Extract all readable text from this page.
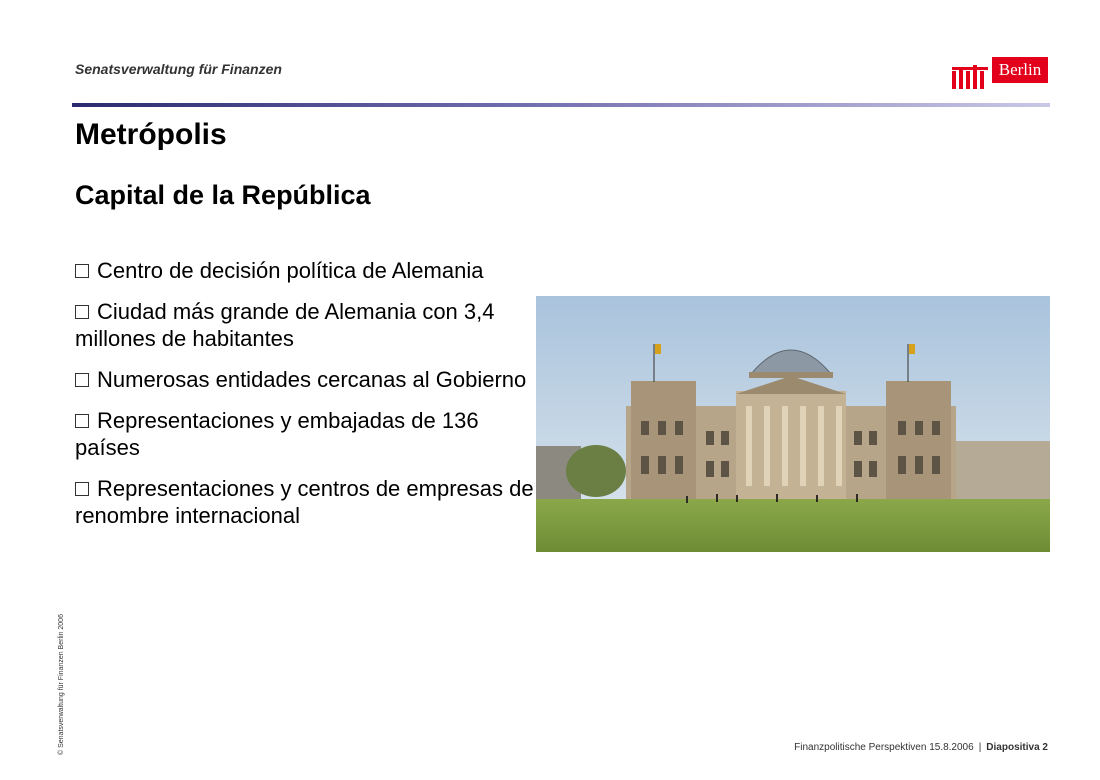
Senatsverwaltung für Finanzen	Berlin
Metrópolis
Capital de la República
Centro de decisión política de Alemania
Ciudad más grande de Alemania con 3,4 millones de habitantes
Numerosas entidades cercanas al Gobierno
Representaciones y embajadas de 136 países
Representaciones y centros de empresas de renombre internacional
© Senatsverwaltung für Finanzen Berlin 2006	Finanzpolitische Perspektiven 15.8.2006 | Diapositiva 2
